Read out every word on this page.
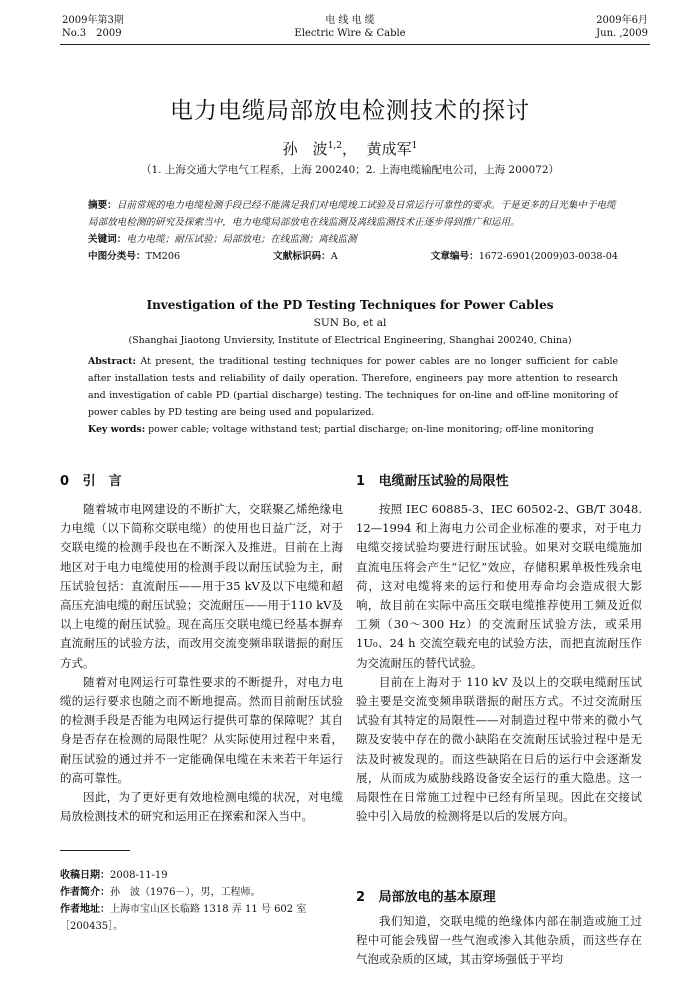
2009年第3期
No.3　2009
电 线 电 缆
Electric Wire & Cable
2009年6月
Jun. ,2009
电力电缆局部放电检测技术的探讨
孙　波$^{1,2}$， 黄成军$^1$
（1. 上海交通大学电气工程系，上海 200240；2. 上海电缆输配电公司，上海 200072）
摘要：目前常规的电力电缆检测手段已经不能满足我们对电缆竣工试验及日常运行可靠性的要求。于是更多的目光集中于电缆局部放电检测的研究及探索当中，电力电缆局部放电在线监测及离线监测技术正逐步得到推广和运用。
关键词：电力电缆；耐压试验；局部放电；在线监测；离线监测
中图分类号：TM206	文献标识码：A	文章编号：1672-6901(2009)03-0038-04
Investigation of the PD Testing Techniques for Power Cables
SUN Bo, et al
(Shanghai Jiaotong Unviersity, Institute of Electrical Engineering, Shanghai 200240, China)
Abstract: At present, the traditional testing techniques for power cables are no longer sufficient for cable after installation tests and reliability of daily operation. Therefore, engineers pay more attention to research and investigation of cable PD (partial discharge) testing. The techniques for on-line and off-line monitoring of power cables by PD testing are being used and popularized.
Key words: power cable; voltage withstand test; partial discharge; on-line monitoring; off-line monitoring
0 引　言

随着城市电网建设的不断扩大，交联聚乙烯绝缘电力电缆（以下简称交联电缆）的使用也日益广泛，对于交联电缆的检测手段也在不断深入及推进。目前在上海地区对于电力电缆使用的检测手段以耐压试验为主，耐压试验包括：直流耐压——用于35 kV及以下电缆和超高压充油电缆的耐压试验；交流耐压——用于110 kV及以上电缆的耐压试验。现在高压交联电缆已经基本摒弃直流耐压的试验方法，而改用交流变频串联谐振的耐压方式。

随着对电网运行可靠性要求的不断提升，对电力电缆的运行要求也随之而不断地提高。然而目前耐压试验的检测手段是否能为电网运行提供可靠的保障呢？其自身是否存在检测的局限性呢？从实际使用过程中来看，耐压试验的通过并不一定能确保电缆在未来若干年运行的高可靠性。

因此，为了更好更有效地检测电缆的状况，对电缆局放检测技术的研究和运用正在探索和深入当中。

收稿日期：2008-11-19
作者简介：孙　波（1976－），男，工程师。
作者地址：上海市宝山区长临路 1318 弄 11 号 602 室［200435］。
1 电缆耐压试验的局限性

按照 IEC 60885-3、IEC 60502-2、GB/T 3048. 12—1994 和上海电力公司企业标准的要求，对于电力电缆交接试验均要进行耐压试验。如果对交联电缆施加直流电压将会产生“记忆”效应，存储积累单极性残余电荷，这对电缆将来的运行和使用寿命均会造成很大影响，故目前在实际中高压交联电缆推荐使用工频及近似工频（30～300 Hz）的交流耐压试验方法，或采用 1U₀、24 h 交流空载充电的试验方法，而把直流耐压作为交流耐压的替代试验。

目前在上海对于 110 kV 及以上的交联电缆耐压试验主要是交流变频串联谐振的耐压方式。不过交流耐压试验有其特定的局限性——对制造过程中带来的微小气隙及安装中存在的微小缺陷在交流耐压试验过程中是无法及时被发现的。而这些缺陷在日后的运行中会逐渐发展，从而成为威胁线路设备安全运行的重大隐患。这一局限性在日常施工过程中已经有所呈现。因此在交接试验中引入局放的检测将是以后的发展方向。

2 局部放电的基本原理

我们知道，交联电缆的绝缘体内部在制造或施工过程中可能会残留一些气泡或渗入其他杂质，而这些存在气泡或杂质的区域，其击穿场强低于平均
